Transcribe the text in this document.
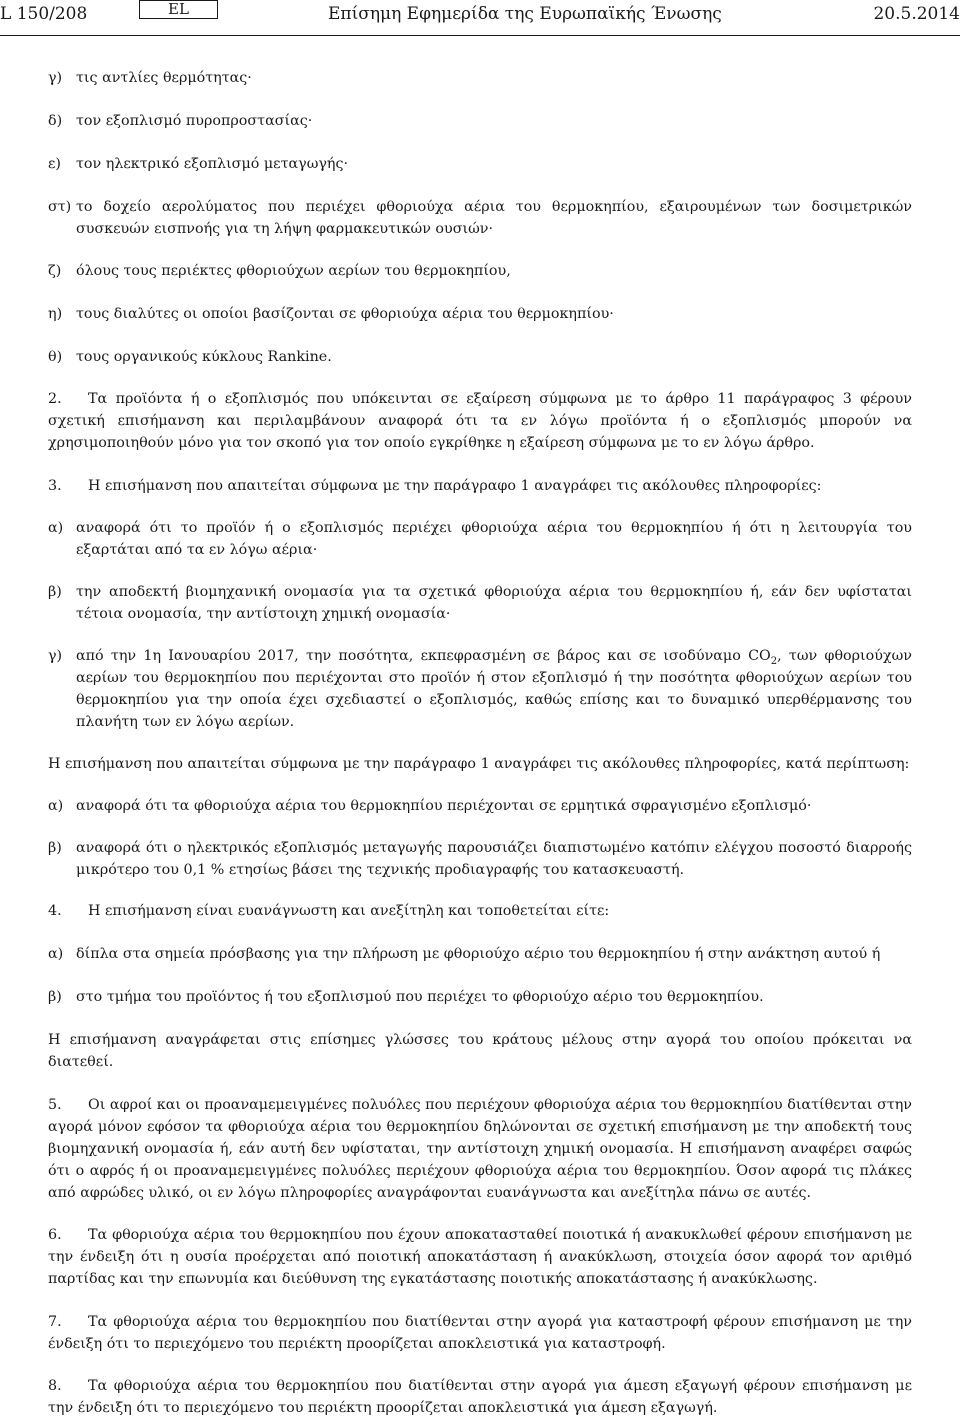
L 150/208	EL	Επίσημη Εφημερίδα της Ευρωπαϊκής Ένωσης	20.5.2014

γ) τις αντλίες θερμότητας·

δ) τον εξοπλισμό πυροπροστασίας·

ε)	τον ηλεκτρικό εξοπλισμό μεταγωγής·

στ) το δοχείο αερολύματος που περιέχει φθοριούχα αέρια του θερμοκηπίου, εξαιρουμένων των δοσιμετρικών συσκευών εισπνοής για τη λήψη φαρμακευτικών ουσιών·

ζ)	όλους τους περιέκτες φθοριούχων αερίων του θερμοκηπίου,

η) τους διαλύτες οι οποίοι βασίζονται σε φθοριούχα αέρια του θερμοκηπίου·

θ) τους οργανικούς κύκλους Rankine.

2. Τα προϊόντα ή ο εξοπλισμός που υπόκεινται σε εξαίρεση σύμφωνα με το άρθρο 11 παράγραφος 3 φέρουν σχετική επισήμανση και περιλαμβάνουν αναφορά ότι τα εν λόγω προϊόντα ή ο εξοπλισμός μπορούν να χρησιμοποιηθούν μόνο για τον σκοπό για τον οποίο εγκρίθηκε η εξαίρεση σύμφωνα με το εν λόγω άρθρο.

3. Η επισήμανση που απαιτείται σύμφωνα με την παράγραφο 1 αναγράφει τις ακόλουθες πληροφορίες:

α) αναφορά ότι το προϊόν ή ο εξοπλισμός περιέχει φθοριούχα αέρια του θερμοκηπίου ή ότι η λειτουργία του εξαρτάται από τα εν λόγω αέρια·

β) την αποδεκτή βιομηχανική ονομασία για τα σχετικά φθοριούχα αέρια του θερμοκηπίου ή, εάν δεν υφίσταται τέτοια ονομασία, την αντίστοιχη χημική ονομασία·

γ) από την 1η Ιανουαρίου 2017, την ποσότητα, εκπεφρασμένη σε βάρος και σε ισοδύναμο $CO_2$, των φθοριούχων αερίων του θερμοκηπίου που περιέχονται στο προϊόν ή στον εξοπλισμό ή την ποσότητα φθοριούχων αερίων του θερμοκηπίου για την οποία έχει σχεδιαστεί ο εξοπλισμός, καθώς επίσης και το δυναμικό υπερθέρμανσης του πλανήτη των εν λόγω αερίων.

Η επισήμανση που απαιτείται σύμφωνα με την παράγραφο 1 αναγράφει τις ακόλουθες πληροφορίες, κατά περίπτωση:

α) αναφορά ότι τα φθοριούχα αέρια του θερμοκηπίου περιέχονται σε ερμητικά σφραγισμένο εξοπλισμό·

β) αναφορά ότι ο ηλεκτρικός εξοπλισμός μεταγωγής παρουσιάζει διαπιστωμένο κατόπιν ελέγχου ποσοστό διαρροής μικρότερο του 0,1 % ετησίως βάσει της τεχνικής προδιαγραφής του κατασκευαστή.

4. Η επισήμανση είναι ευανάγνωστη και ανεξίτηλη και τοποθετείται είτε:

α) δίπλα στα σημεία πρόσβασης για την πλήρωση με φθοριούχο αέριο του θερμοκηπίου ή στην ανάκτηση αυτού ή

β) στο τμήμα του προϊόντος ή του εξοπλισμού που περιέχει το φθοριούχο αέριο του θερμοκηπίου.

Η επισήμανση αναγράφεται στις επίσημες γλώσσες του κράτους μέλους στην αγορά του οποίου πρόκειται να διατεθεί.

5. Οι αφροί και οι προαναμεμειγμένες πολυόλες που περιέχουν φθοριούχα αέρια του θερμοκηπίου διατίθενται στην αγορά μόνον εφόσον τα φθοριούχα αέρια του θερμοκηπίου δηλώνονται σε σχετική επισήμανση με την αποδεκτή τους βιομηχανική ονομασία ή, εάν αυτή δεν υφίσταται, την αντίστοιχη χημική ονομασία. Η επισήμανση αναφέρει σαφώς ότι ο αφρός ή οι προαναμεμειγμένες πολυόλες περιέχουν φθοριούχα αέρια του θερμοκηπίου. Όσον αφορά τις πλάκες από αφρώδες υλικό, οι εν λόγω πληροφορίες αναγράφονται ευανάγνωστα και ανεξίτηλα πάνω σε αυτές.

6. Τα φθοριούχα αέρια του θερμοκηπίου που έχουν αποκατασταθεί ποιοτικά ή ανακυκλωθεί φέρουν επισήμανση με την ένδειξη ότι η ουσία προέρχεται από ποιοτική αποκατάσταση ή ανακύκλωση, στοιχεία όσον αφορά τον αριθμό παρτίδας και την επωνυμία και διεύθυνση της εγκατάστασης ποιοτικής αποκατάστασης ή ανακύκλωσης.

7. Τα φθοριούχα αέρια του θερμοκηπίου που διατίθενται στην αγορά για καταστροφή φέρουν επισήμανση με την ένδειξη ότι το περιεχόμενο του περιέκτη προορίζεται αποκλειστικά για καταστροφή.

8. Τα φθοριούχα αέρια του θερμοκηπίου που διατίθενται στην αγορά για άμεση εξαγωγή φέρουν επισήμανση με την ένδειξη ότι το περιεχόμενο του περιέκτη προορίζεται αποκλειστικά για άμεση εξαγωγή.
